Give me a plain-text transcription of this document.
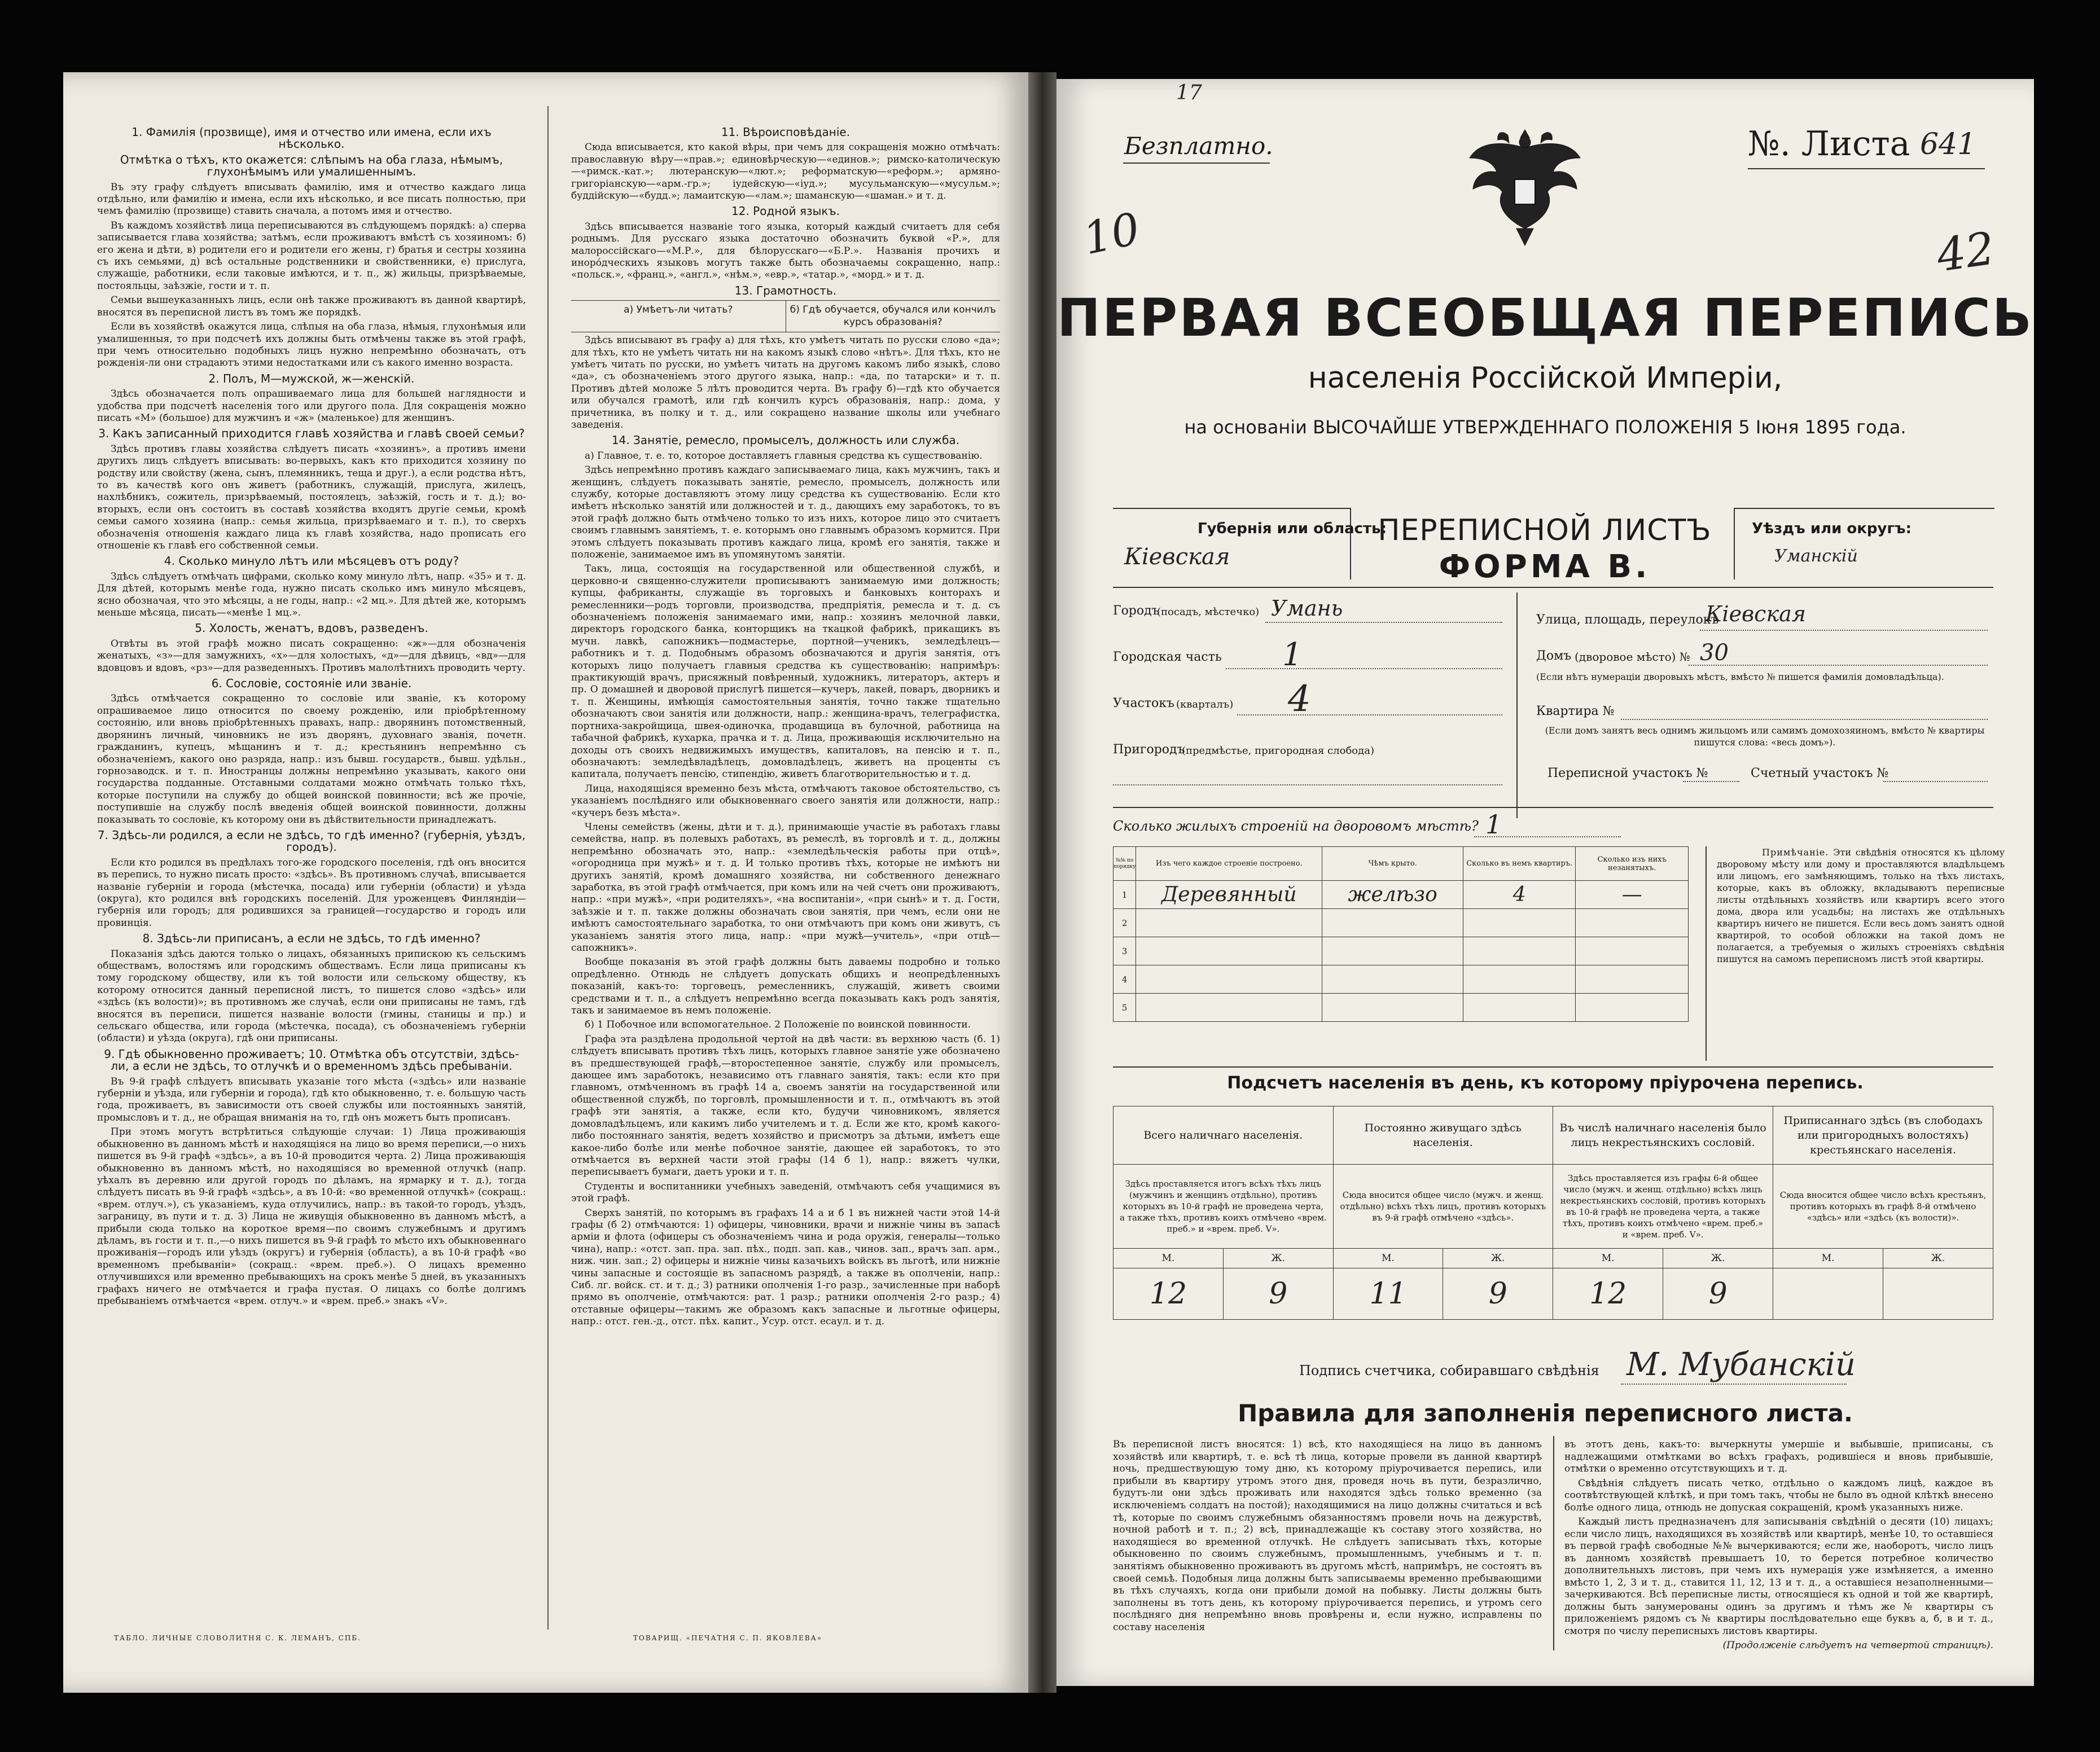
1. Фамилія (прозвище), имя и отчество или имена, если ихъ нѣсколько.
Отмѣтка о тѣхъ, кто окажется: слѣпымъ на оба глаза, нѣмымъ, глухонѣмымъ или умалишеннымъ.

Въ эту графу слѣдуетъ вписывать фамилію, имя и отчество каждаго лица отдѣльно, или фамилію и имена, если ихъ нѣсколько, и все писать полностью, при чемъ фамилію (прозвище) ставить сначала, а потомъ имя и отчество.

Въ каждомъ хозяйствѣ лица переписываются въ слѣдующемъ порядкѣ: а) сперва записывается глава хозяйства; затѣмъ, если проживаютъ вмѣстѣ съ хозяиномъ: б) его жена и дѣти, в) родители его и родители его жены, г) братья и сестры хозяина съ ихъ семьями, д) всѣ остальные родственники и свойственники, е) прислуга, служащіе, работники, если таковые имѣются, и т. п., ж) жильцы, призрѣваемые, постояльцы, заѣзжіе, гости и т. п.

Семьи вышеуказанныхъ лицъ, если онѣ также проживаютъ въ данной квартирѣ, вносятся въ переписной листъ въ томъ же порядкѣ.

Если въ хозяйствѣ окажутся лица, слѣпыя на оба глаза, нѣмыя, глухонѣмыя или умалишенныя, то при подсчетѣ ихъ должны быть отмѣчены также въ этой графѣ, при чемъ относительно подобныхъ лицъ нужно непремѣнно обозначать, отъ рожденія-ли они страдаютъ этими недостатками или съ какого именно возраста.

2. Полъ, М—мужской, ж—женскій.

Здѣсь обозначается полъ опрашиваемаго лица для большей наглядности и удобства при подсчетѣ населенія того или другого пола. Для сокращенія можно писать «М» (большое) для мужчинъ и «ж» (маленькое) для женщинъ.

3. Какъ записанный приходится главѣ хозяйства и главѣ своей семьи?

Здѣсь противъ главы хозяйства слѣдуетъ писать «хозяинъ», а противъ имени другихъ лицъ слѣдуетъ вписывать: во-первыхъ, какъ кто приходится хозяину по родству или свойству (жена, сынъ, племянникъ, теща и друг.), а если родства нѣтъ, то въ качествѣ кого онъ живетъ (работникъ, служащій, прислуга, жилецъ, нахлѣбникъ, сожитель, призрѣваемый, постоялецъ, заѣзжій, гость и т. д.); во-вторыхъ, если онъ состоитъ въ составѣ хозяйства входятъ другіе семьи, кромѣ семьи самого хозяина (напр.: семья жильца, призрѣваемаго и т. п.), то сверхъ обозначенія отношенія каждаго лица къ главѣ хозяйства, надо прописать его отношеніе къ главѣ его собственной семьи.

4. Сколько минуло лѣтъ или мѣсяцевъ отъ роду?

Здѣсь слѣдуетъ отмѣчать цифрами, сколько кому минуло лѣтъ, напр. «35» и т. д. Для дѣтей, которымъ менѣе года, нужно писать сколько имъ минуло мѣсяцевъ, ясно обозначая, что это мѣсяцы, а не годы, напр.: «2 мц.». Для дѣтей же, которымъ меньше мѣсяца, писать—«менѣе 1 мц.».

5. Холость, женатъ, вдовъ, разведенъ.

Отвѣты въ этой графѣ можно писать сокращенно: «ж»—для обозначенія женатыхъ, «з»—для замужнихъ, «х»—для холостыхъ, «д»—для дѣвицъ, «вд»—для вдовцовъ и вдовъ, «рз»—для разведенныхъ. Противъ малолѣтнихъ проводить черту.

6. Сословіе, состояніе или званіе.

Здѣсь отмѣчается сокращенно то сословіе или званіе, къ которому опрашиваемое лицо относится по своему рожденію, или пріобрѣтенному состоянію, или вновь пріобрѣтенныхъ правахъ, напр.: дворянинъ потомственный, дворянинъ личный, чиновникъ не изъ дворянъ, духовнаго званія, почетн. гражданинъ, купецъ, мѣщанинъ и т. д.; крестьянинъ непремѣнно съ обозначеніемъ, какого оно разряда, напр.: изъ бывш. государств., бывш. удѣльн., горнозаводск. и т. п. Иностранцы должны непремѣнно указывать, какого они государства подданные. Отставными солдатами можно отмѣчать только тѣхъ, которые поступили на службу до общей воинской повинности; всѣ же прочіе, поступившіе на службу послѣ введенія общей воинской повинности, должны показывать то сословіе, къ которому они въ дѣйствительности принадлежатъ.

7. Здѣсь-ли родился, а если не здѣсь, то гдѣ именно? (губернія, уѣздъ, городъ).

Если кто родился въ предѣлахъ того-же городского поселенія, гдѣ онъ вносится въ перепись, то нужно писать просто: «здѣсь». Въ противномъ случаѣ, вписывается названіе губерніи и города (мѣстечка, посада) или губерніи (области) и уѣзда (округа), кто родился внѣ городскихъ поселеній. Для уроженцевъ Финляндіи—губернія или городъ; для родившихся за границей—государство и городъ или провинція.

8. Здѣсь-ли приписанъ, а если не здѣсь, то гдѣ именно?

Показанія здѣсь даются только о лицахъ, обязанныхъ припискою къ сельскимъ обществамъ, волостямъ или городскимъ обществамъ. Если лица приписаны къ тому городскому обществу, или къ той волости или сельскому обществу, къ которому относится данный переписной листъ, то пишется слово «здѣсь» или «здѣсь (къ волости)»; въ противномъ же случаѣ, если они приписаны не тамъ, гдѣ вносятся въ переписи, пишется названіе волости (гмины, станицы и пр.) и сельскаго общества, или города (мѣстечка, посада), съ обозначеніемъ губерніи (области) и уѣзда (округа), гдѣ они приписаны.

9. Гдѣ обыкновенно проживаетъ; 10. Отмѣтка объ отсутствіи, здѣсь-ли, а если не здѣсь, то отлучкѣ и о временномъ здѣсь пребываніи.

Въ 9-й графѣ слѣдуетъ вписывать указаніе того мѣста («здѣсь» или названіе губерніи и уѣзда, или губерніи и города), гдѣ кто обыкновенно, т. е. большую часть года, проживаетъ, въ зависимости отъ своей службы или постоянныхъ занятій, промысловъ и т. д., не обращая вниманія на то, гдѣ онъ можетъ быть прописанъ.

При этомъ могутъ встрѣтиться слѣдующіе случаи: 1) Лица проживающія обыкновенно въ данномъ мѣстѣ и находящіяся на лицо во время переписи,—о нихъ пишется въ 9-й графѣ «здѣсь», а въ 10-й проводится черта. 2) Лица проживающія обыкновенно въ данномъ мѣстѣ, но находящіяся во временной отлучкѣ (напр. уѣхалъ въ деревню или другой городъ по дѣламъ, на ярмарку и т. д.), тогда слѣдуетъ писать въ 9-й графѣ «здѣсь», а въ 10-й: «во временной отлучкѣ» (сокращ.: «врем. отлуч.»), съ указаніемъ, куда отлучились, напр.: въ такой-то городъ, уѣздъ, заграницу, въ пути и т. д. 3) Лица не живущія обыкновенно въ данномъ мѣстѣ, а прибыли сюда только на короткое время—по своимъ служебнымъ и другимъ дѣламъ, въ гости и т. п.,—о нихъ пишется въ 9-й графѣ то мѣсто ихъ обыкновеннаго проживанія—городъ или уѣздъ (округъ) и губернія (область), а въ 10-й графѣ «во временномъ пребываніи» (сокращ.: «врем. преб.»). О лицахъ временно отлучившихся или временно пребывающихъ на срокъ менѣе 5 дней, въ указанныхъ графахъ ничего не отмѣчается и графа пустая. О лицахъ со болѣе долгимъ пребываніемъ отмѣчается «врем. отлуч.» и «врем. преб.» знакъ «V».

11. Вѣроисповѣданіе.

Сюда вписывается, кто какой вѣры, при чемъ для сокращенія можно отмѣчать: православную вѣру—«прав.»; единовѣрческую—«единов.»; римско-католическую—«римск.-кат.»; лютеранскую—«лют.»; реформатскую—«реформ.»; армяно-григоріанскую—«арм.-гр.»; іудейскую—«іуд.»; мусульманскую—«мусульм.»; буддійскую—«будд.»; ламаитскую—«лам.»; шаманскую—«шаман.» и т. д.

12. Родной языкъ.

Здѣсь вписывается названіе того языка, который каждый считаетъ для себя роднымъ. Для русскаго языка достаточно обозначить буквой «Р.», для малороссійскаго—«М.Р.», для бѣлорусскаго—«Б.Р.». Названія прочихъ и иноро́дческихъ языковъ могутъ также быть обозначаемы сокращенно, напр.: «польск.», «франц.», «англ.», «нѣм.», «евр.», «татар.», «морд.» и т. д.

13. Грамотность.
а) Умѣетъ-ли читать?	б) Гдѣ обучается, обучался или кончилъ курсъ образованія?

Здѣсь вписывают въ графу а) для тѣхъ, кто умѣетъ читать по русски слово «да»; для тѣхъ, кто не умѣетъ читать ни на какомъ языкѣ слово «нѣтъ». Для тѣхъ, кто не умѣетъ читать по русски, но умѣетъ читать на другомъ какомъ либо языкѣ, слово «да», съ обозначеніемъ этого другого языка, напр.: «да, по татарски» и т. п. Противъ дѣтей моложе 5 лѣтъ проводится черта. Въ графу б)—гдѣ кто обучается или обучался грамотѣ, или гдѣ кончилъ курсъ образованія, напр.: дома, у причетника, въ полку и т. д., или сокращено название школы или учебнаго заведенія.

14. Занятіе, ремесло, промыселъ, должность или служба.

а) Главное, т. е. то, которое доставляетъ главныя средства къ существованію.

Здѣсь непремѣнно противъ каждаго записываемаго лица, какъ мужчинъ, такъ и женщинъ, слѣдуетъ показывать занятіе, ремесло, промыселъ, должность или службу, которые доставляютъ этому лицу средства къ существованію. Если кто имѣетъ нѣсколько занятій или должностей и т. д., дающихъ ему заработокъ, то въ этой графѣ должно быть отмѣчено только то изъ нихъ, которое лицо это считаетъ своимъ главнымъ занятіемъ, т. е. которымъ оно главнымъ образомъ кормится. При этомъ слѣдуетъ показывать противъ каждаго лица, кромѣ его занятія, также и положеніе, занимаемое имъ въ упомянутомъ занятіи.

Такъ, лица, состоящія на государственной или общественной службѣ, и церковно-и священно-служители прописываютъ занимаемую ими должность; купцы, фабриканты, служащіе въ торговыхъ и банковыхъ конторахъ и ремесленники—родъ торговли, производства, предпріятія, ремесла и т. д. съ обозначеніемъ положенія занимаемаго ими, напр.: хозяинъ мелочной лавки, директоръ городского банка, конторщикъ на ткацкой фабрикѣ, прикащикъ въ мучн. лавкѣ, сапожникъ—подмастерье, портной—ученикъ, земледѣлецъ—работникъ и т. д. Подобнымъ образомъ обозначаются и другія занятія, отъ которыхъ лицо получаетъ главныя средства къ существованію: напримѣръ: практикующій врачъ, присяжный повѣренный, художникъ, литераторъ, актеръ и пр. О домашней и дворовой прислугѣ пишется—кучеръ, лакей, поваръ, дворникъ и т. п. Женщины, имѣющія самостоятельныя занятія, точно также тщательно обозначаютъ свои занятія или должности, напр.: женщина-врачъ, телеграфистка, портниха-закройщица, швея-одиночка, продавщица въ булочной, работница на табачной фабрикѣ, кухарка, прачка и т. д. Лица, проживающія исключительно на доходы отъ своихъ недвижимыхъ имуществъ, капиталовъ, на пенсію и т. п., обозначаютъ: земледѣвладѣлецъ, домовладѣлецъ, живетъ на проценты съ капитала, получаетъ пенсію, стипендію, живетъ благотворительностью и т. д.

Лица, находящіяся временно безъ мѣста, отмѣчаютъ таковое обстоятельство, съ указаніемъ послѣдняго или обыкновеннаго своего занятія или должности, напр.: «кучеръ безъ мѣста».

Члены семействъ (жены, дѣти и т. д.), принимающіе участіе въ работахъ главы семейства, напр. въ полевыхъ работахъ, въ ремеслѣ, въ торговлѣ и т. д., должны непремѣнно обозначать это, напр.: «земледѣльческія работы при отцѣ», «огородница при мужѣ» и т. д. И только противъ тѣхъ, которые не имѣютъ ни другихъ занятій, кромѣ домашняго хозяйства, ни собственного денежнаго заработка, въ этой графѣ отмѣчается, при комъ или на чей счетъ они проживаютъ, напр.: «при мужѣ», «при родителяхъ», «на воспитаніи», «при сынѣ» и т. д. Гости, заѣзжіе и т. п. также должны обозначать свои занятія, при чемъ, если они не имѣютъ самостоятельнаго заработка, то они отмѣчаютъ при комъ они живутъ, съ указаніемъ занятія этого лица, напр.: «при мужѣ—учитель», «при отцѣ—сапожникъ».

Вообще показанія въ этой графѣ должны быть даваемы подробно и только опредѣленно. Отнюдь не слѣдуетъ допускать общихъ и неопредѣленныхъ показаній, какъ-то: торговецъ, ремесленникъ, служащій, живетъ своими средствами и т. п., а слѣдуетъ непремѣнно всегда показывать какъ родъ занятія, такъ и занимаемое въ немъ положеніе.

б) 1 Побочное или вспомогательное. 2 Положеніе по воинской повинности.

Графа эта раздѣлена продольной чертой на двѣ части: въ верхнюю часть (б. 1) слѣдуетъ вписывать противъ тѣхъ лицъ, которыхъ главное занятіе уже обозначено въ предшествующей графѣ,—второстепенное занятіе, службу или промыселъ, дающее имъ заработокъ, независимо отъ главнаго занятія, такъ: если кто при главномъ, отмѣченномъ въ графѣ 14 а, своемъ занятіи на государственной или общественной службѣ, по торговлѣ, промышленности и т. п., отмѣчаютъ въ этой графѣ эти занятія, а также, если кто, будучи чиновникомъ, является домовладѣльцемъ, или какимъ либо учителемъ и т. д. Если же кто, кромѣ какого-либо постояннаго занятія, ведетъ хозяйство и присмотръ за дѣтьми, имѣетъ еще какое-либо болѣе или менѣе побочное занятіе, дающее ей заработокъ, то это отмѣчается въ верхней части этой графы (14 б 1), напр.: вяжетъ чулки, переписываетъ бумаги, даетъ уроки и т. п.

Студенты и воспитанники учебныхъ заведеній, отмѣчаютъ себя учащимися въ этой графѣ.

Сверхъ занятій, по которымъ въ графахъ 14 а и б 1 въ нижней части этой 14-й графы (б 2) отмѣчаются: 1) офицеры, чиновники, врачи и нижніе чины въ запасѣ арміи и флота (офицеры съ обозначеніемъ чина и рода оружія, генералы—только чина), напр.: «отст. зап. пра. зап. пѣх., подп. зап. кав., чинов. зап., врачъ зап. арм., ниж. чин. зап.; 2) офицеры и нижніе чины казачьихъ войскъ въ льготѣ, или нижніе чины запасные и состоящіе въ запасномъ разрядѣ, а также въ ополченіи, напр.: Сиб. лг. войск. ст. и т. д.; 3) ратники ополченія 1-го разр., зачисленные при наборѣ прямо въ ополченіе, отмѣчаются: рат. 1 разр.; ратники ополченія 2-го разр.; 4) отставные офицеры—такимъ же образомъ какъ запасные и льготные офицеры, напр.: отст. ген.-д., отст. пѣх. капит., Усур. отст. есаул. и т. д.

ТАБЛО. ЛИЧНЫЕ СЛОВОЛИТНЯ С. К. ЛЕМАНЪ, СПБ.	ТОВАРИЩ. «ПЕЧАТНЯ С. П. ЯКОВЛЕВА»
17
Безплатно.	№. Листа 641
10	42
ПЕРВАЯ ВСЕОБЩАЯ ПЕРЕПИСЬ
населенія Россійской Имперіи,
на основаніи ВЫСОЧАЙШЕ УТВЕРЖДЕННАГО ПОЛОЖЕНІЯ 5 Іюня 1895 года.
Губернія или область:
Кіевская
ПЕРЕПИСНОЙ ЛИСТЪ
ФОРМА В.
Уѣздъ или округъ:
Уманскій
Городъ
(посадъ, мѣстечко) Умань
Городская часть 1
Участокъ (кварталъ) 4
Пригородъ
(предмѣстье, пригородная слобода)
Улица, площадь, переулокъ
Кіевская
Домъ (дворовое мѣсто) № 30
(Если нѣтъ нумераціи дворовыхъ мѣстъ, вмѣсто № пишется фамилія домовладѣльца).
Квартира №
(Если домъ занятъ весь однимъ жильцомъ или самимъ домохозяиномъ, вмѣсто № квартиры пишутся слова: «весь домъ»).
Переписной участокъ №	Счетный участокъ №
Сколько жилыхъ строеній на дворовомъ мѣстѣ? 1
№№ по порядку	Изъ чего каждое строеніе построено.	Чѣмъ крыто.	Сколько въ немъ квартиръ.	Сколько изъ нихъ незанятыхъ.
1	Деревянный	желѣзо	4	—
2				
3				
4				
5				
Примѣчаніе. Эти свѣдѣнія относятся къ цѣлому дворовому мѣсту или дому и проставляются владѣльцемъ или лицомъ, его замѣняющимъ, только на тѣхъ листахъ, которые, какъ въ обложку, вкладываютъ переписные листы отдѣльныхъ хозяйствъ или квартиръ всего этого дома, двора или усадьбы; на листахъ же отдѣльныхъ квартиръ ничего не пишется. Если весь домъ занятъ одной квартирой, то особой обложки на такой домъ не полагается, а требуемыя о жилыхъ строеніяхъ свѣдѣнія пишутся на самомъ переписномъ листѣ этой квартиры.
Подсчетъ населенія въ день, къ которому пріурочена перепись.
Всего наличнаго населенія.		Постоянно живущаго здѣсь населенія.		Въ числѣ наличнаго населенія было лицъ некрестьянскихъ сословій.		Приписаннаго здѣсь (въ слободахъ или пригородныхъ волостяхъ) крестьянскаго населенія.	
Здѣсь проставляется итогъ всѣхъ тѣхъ лицъ (мужчинъ и женщинъ отдѣльно), противъ которыхъ въ 10-й графѣ не проведена черта, а также тѣхъ, противъ коихъ отмѣчено «врем. преб.» и «врем. преб. V».		Сюда вносится общее число (мужч. и женщ. отдѣльно) всѣхъ тѣхъ лицъ, противъ которыхъ въ 9-й графѣ отмѣчено «здѣсь».		Здѣсь проставляется изъ графы 6-й общее число (мужч. и женщ. отдѣльно) всѣхъ лицъ некрестьянскихъ сословій, противъ которыхъ въ 10-й графѣ не проведена черта, а также тѣхъ, противъ коихъ отмѣчено «врем. преб.» и «врем. преб. V».		Сюда вносится общее число всѣхъ крестьянъ, противъ которыхъ въ графѣ 8-й отмѣчено «здѣсь» или «здѣсь (къ волости)».	
М.	Ж.	М.	Ж.	М.	Ж.	М.	Ж.
12	9	11	9	12	9		
Подпись счетчика, собиравшаго свѣдѣнія М. Мубанскій
Правила для заполненія переписного листа.
Въ переписной листъ вносятся: 1) всѣ, кто находящіеся на лицо въ данномъ хозяйствѣ или квартирѣ, т. е. всѣ тѣ лица, которые провели въ данной квартирѣ ночь, предшествующую тому дню, къ которому пріурочивается перепись, или прибыли въ квартиру утромъ этого дня, проведя ночь въ пути, безразлично, будутъ-ли они здѣсь проживать или находятся здѣсь только временно (за исключеніемъ солдатъ на постой); находящимися на лицо должны считаться и всѣ тѣ, которые по своимъ служебнымъ обязанностямъ провели ночь на дежурствѣ, ночной работѣ и т. п.; 2) всѣ, принадлежащіе къ составу этого хозяйства, но находящіеся во временной отлучкѣ. Не слѣдуетъ записывать тѣхъ, которые обыкновенно по своимъ служебнымъ, промышленнымъ, учебнымъ и т. п. занятіямъ обыкновенно проживаютъ въ другомъ мѣстѣ, напримѣръ, не состоятъ въ своей семьѣ. Подобныя лица должны быть записываемы временно пребывающими въ тѣхъ случаяхъ, когда они прибыли домой на побывку. Листы должны быть заполнены въ тотъ день, къ которому пріурочивается перепись, и утромъ сего послѣдняго дня непремѣнно вновь провѣрены и, если нужно, исправлены по составу населенія

въ этотъ день, какъ-то: вычеркнуты умершіе и выбывшіе, приписаны, съ надлежащими отмѣтками во всѣхъ графахъ, родившіеся и вновь прибывшіе, отмѣтки о временно отсутствующихъ и т. д.

Свѣдѣнія слѣдуетъ писать четко, отдѣльно о каждомъ лицѣ, каждое въ соотвѣтствующей клѣткѣ, и при томъ такъ, чтобы не было въ одной клѣткѣ внесено болѣе одного лица, отнюдь не допуская сокращеній, кромѣ указанныхъ ниже.

Каждый листъ предназначенъ для записыванія свѣдѣній о десяти (10) лицахъ; если число лицъ, находящихся въ хозяйствѣ или квартирѣ, менѣе 10, то оставшіеся въ первой графѣ свободные №№ вычеркиваются; если же, наоборотъ, число лицъ въ данномъ хозяйствѣ превышаетъ 10, то берется потребное количество дополнительныхъ листовъ, при чемъ ихъ нумерація уже измѣняется, а именно вмѣсто 1, 2, 3 и т. д., ставится 11, 12, 13 и т. д., а оставшіеся незаполненными—зачеркиваются. Всѣ переписные листы, относящіеся къ одной и той же квартирѣ, должны быть занумерованы одинъ за другимъ и тѣмъ же № квартиры съ приложеніемъ рядомъ съ № квартиры послѣдовательно еще буквъ а, б, в и т. д., смотря по числу переписныхъ листовъ квартиры.

(Продолженіе слѣдуетъ на четвертой страницѣ).
